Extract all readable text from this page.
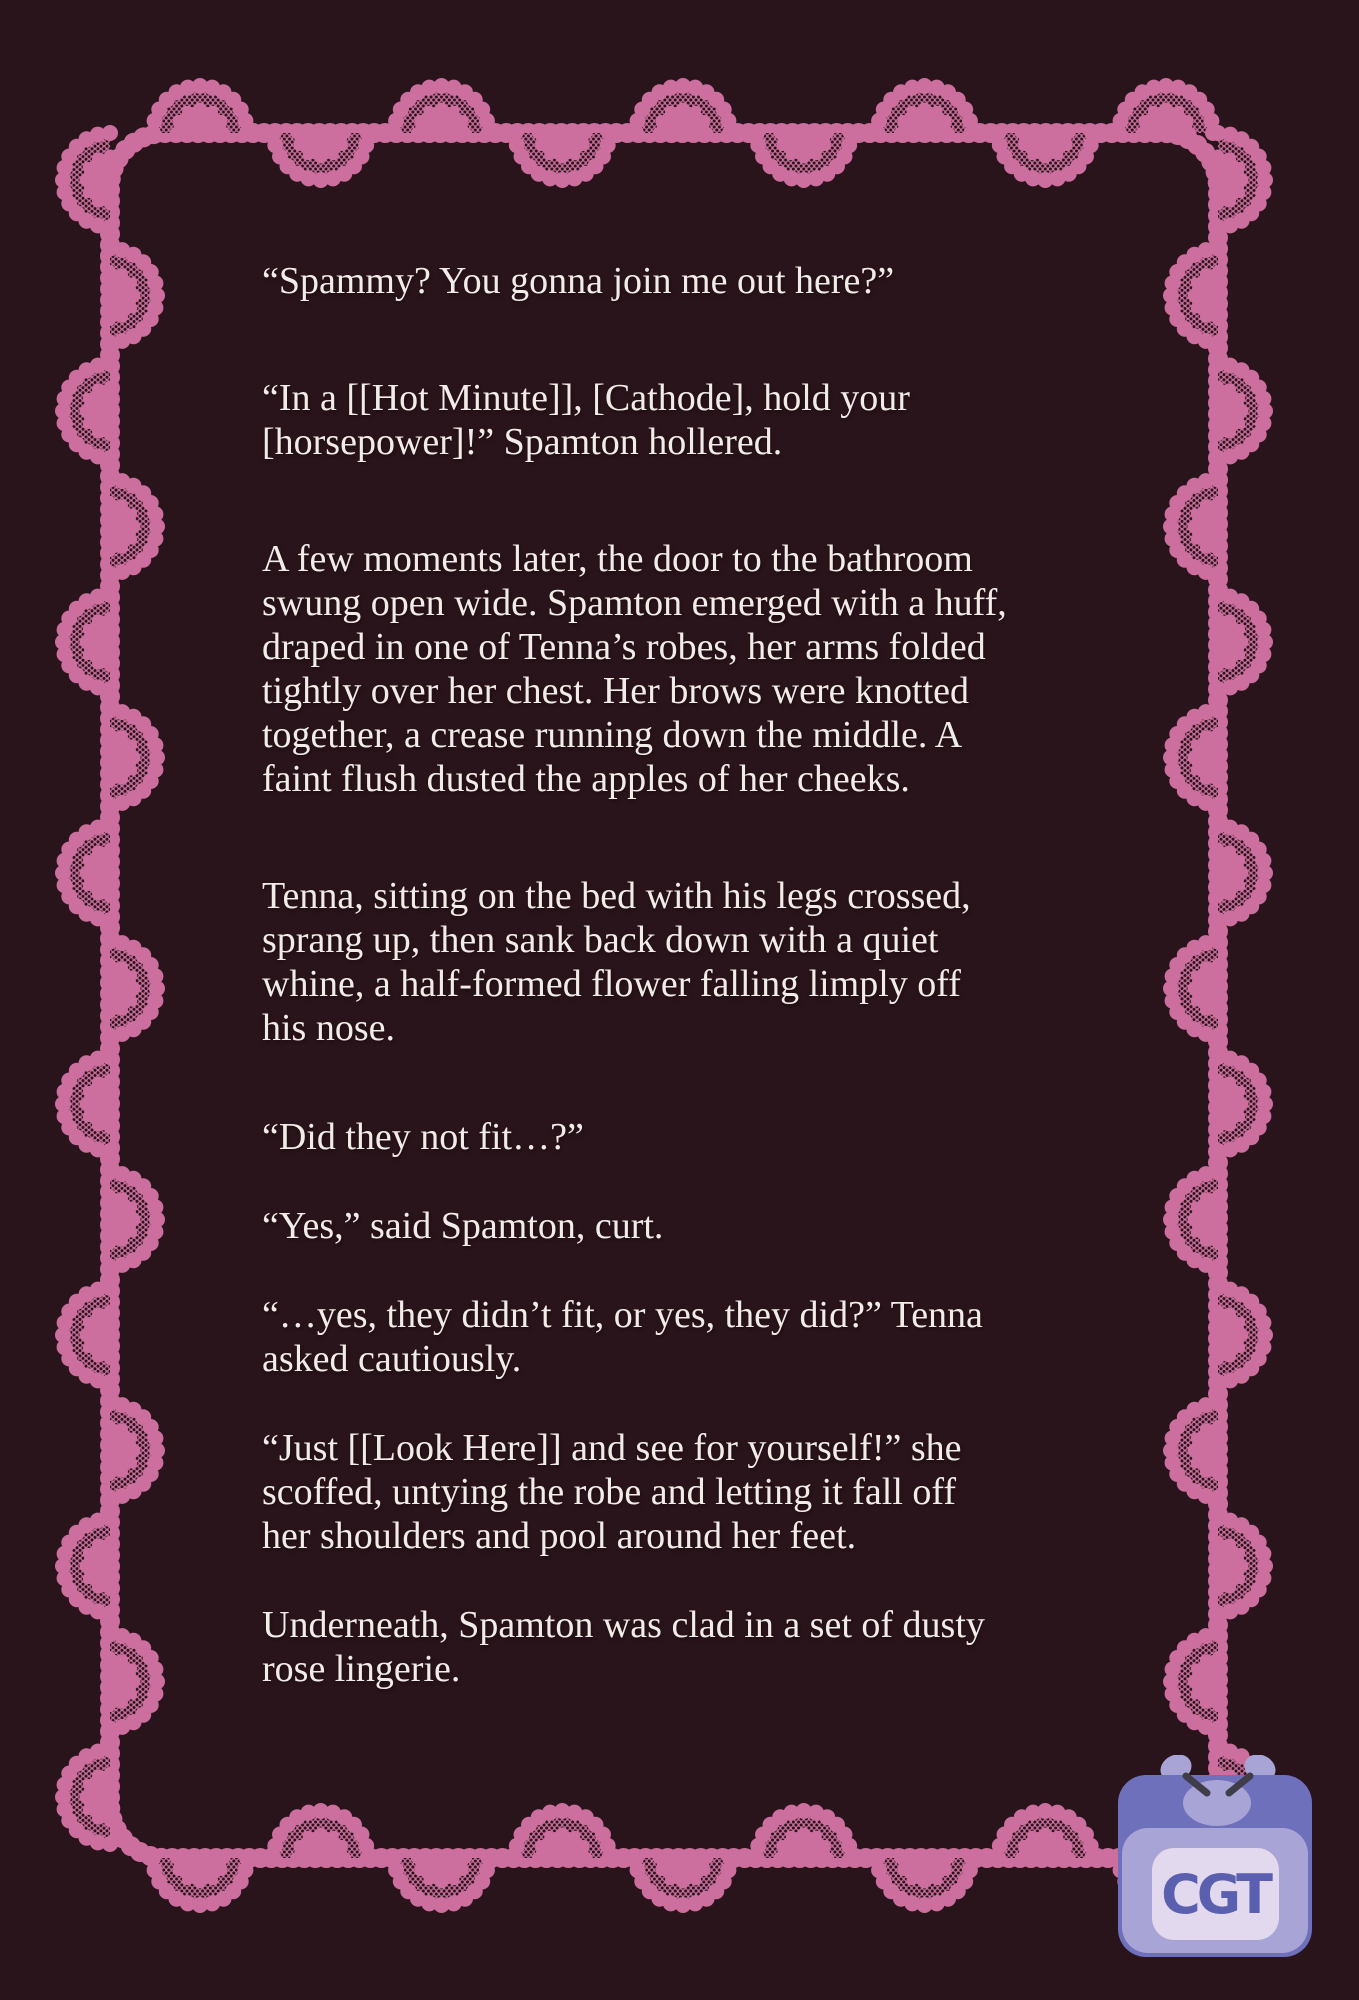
“Spammy? You gonna join me out here?”

“In a [[Hot Minute]], [Cathode], hold your
[horsepower]!” Spamton hollered.

A few moments later, the door to the bathroom
swung open wide. Spamton emerged with a huff,
draped in one of Tenna’s robes, her arms folded
tightly over her chest. Her brows were knotted
together, a crease running down the middle. A
faint flush dusted the apples of her cheeks.

Tenna, sitting on the bed with his legs crossed,
sprang up, then sank back down with a quiet
whine, a half-formed flower falling limply off
his nose.

“Did they not fit…?”

“Yes,” said Spamton, curt.

“…yes, they didn’t fit, or yes, they did?” Tenna
asked cautiously.

“Just [[Look Here]] and see for yourself!” she
scoffed, untying the robe and letting it fall off
her shoulders and pool around her feet.

Underneath, Spamton was clad in a set of dusty
rose lingerie.

CGT
